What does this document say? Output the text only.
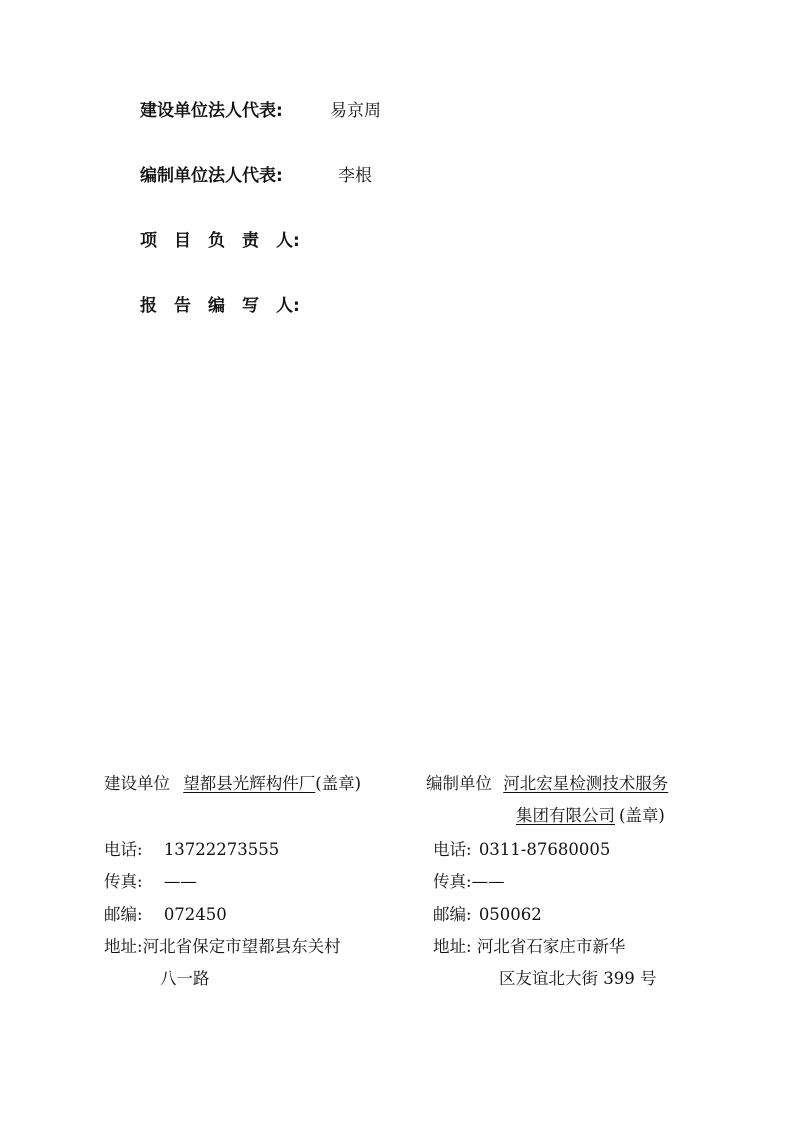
建设单位法人代表:	易京周
编制单位法人代表:	李根
项　目　负　责　人:
报　告　编　写　人:
建设单位 望都县光辉构件厂(盖章)
电话: 13722273555
传真: ——
邮编: 072450
地址:河北省保定市望都县东关村
八一路
编制单位 河北宏星检测技术服务
集团有限公司 (盖章)
电话: 0311-87680005
传真:——
邮编: 050062
地址: 河北省石家庄市新华
区友谊北大街 399 号
